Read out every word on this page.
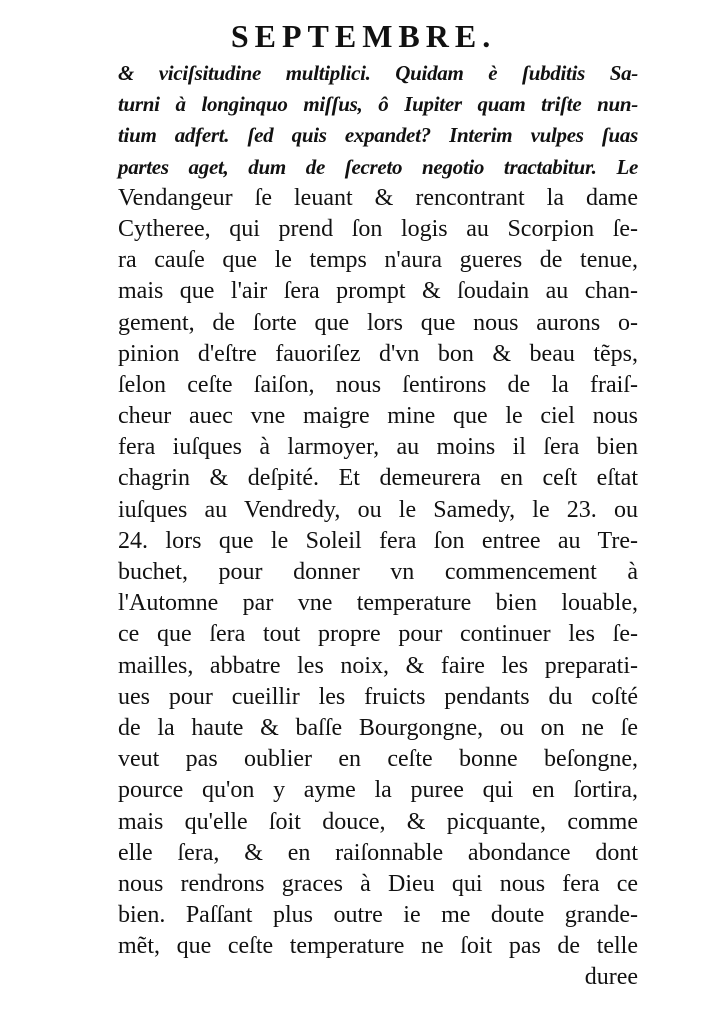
SEPTEMBRE.
& viciſsitudine multiplici. Quidam è ſubditis Sa-
turni à longinquo miſſus, ô Iupiter quam triſte nun-
tium adfert. ſed quis expandet? Interim vulpes ſuas
partes aget, dum de ſecreto negotio tractabitur. Le
Vendangeur ſe leuant & rencontrant la dame
Cytheree, qui prend ſon logis au Scorpion ſe-
ra cauſe que le temps n'aura gueres de tenue,
mais que l'air ſera prompt & ſoudain au chan-
gement, de ſorte que lors que nous aurons o-
pinion d'eſtre fauoriſez d'vn bon & beau tẽps,
ſelon ceſte ſaiſon, nous ſentirons de la fraiſ-
cheur auec vne maigre mine que le ciel nous
fera iuſques à larmoyer, au moins il ſera bien
chagrin & deſpité. Et demeurera en ceſt eſtat
iuſques au Vendredy, ou le Samedy, le 23. ou
24. lors que le Soleil fera ſon entree au Tre-
buchet, pour donner vn commencement à
l'Automne par vne temperature bien louable,
ce que ſera tout propre pour continuer les ſe-
mailles, abbatre les noix, & faire les preparati-
ues pour cueillir les fruicts pendants du coſté
de la haute & baſſe Bourgongne, ou on ne ſe
veut pas oublier en ceſte bonne beſongne,
pource qu'on y ayme la puree qui en ſortira,
mais qu'elle ſoit douce, & picquante, comme
elle ſera, & en raiſonnable abondance dont
nous rendrons graces à Dieu qui nous fera ce
bien. Paſſant plus outre ie me doute grande-
mẽt, que ceſte temperature ne ſoit pas de telle
duree
